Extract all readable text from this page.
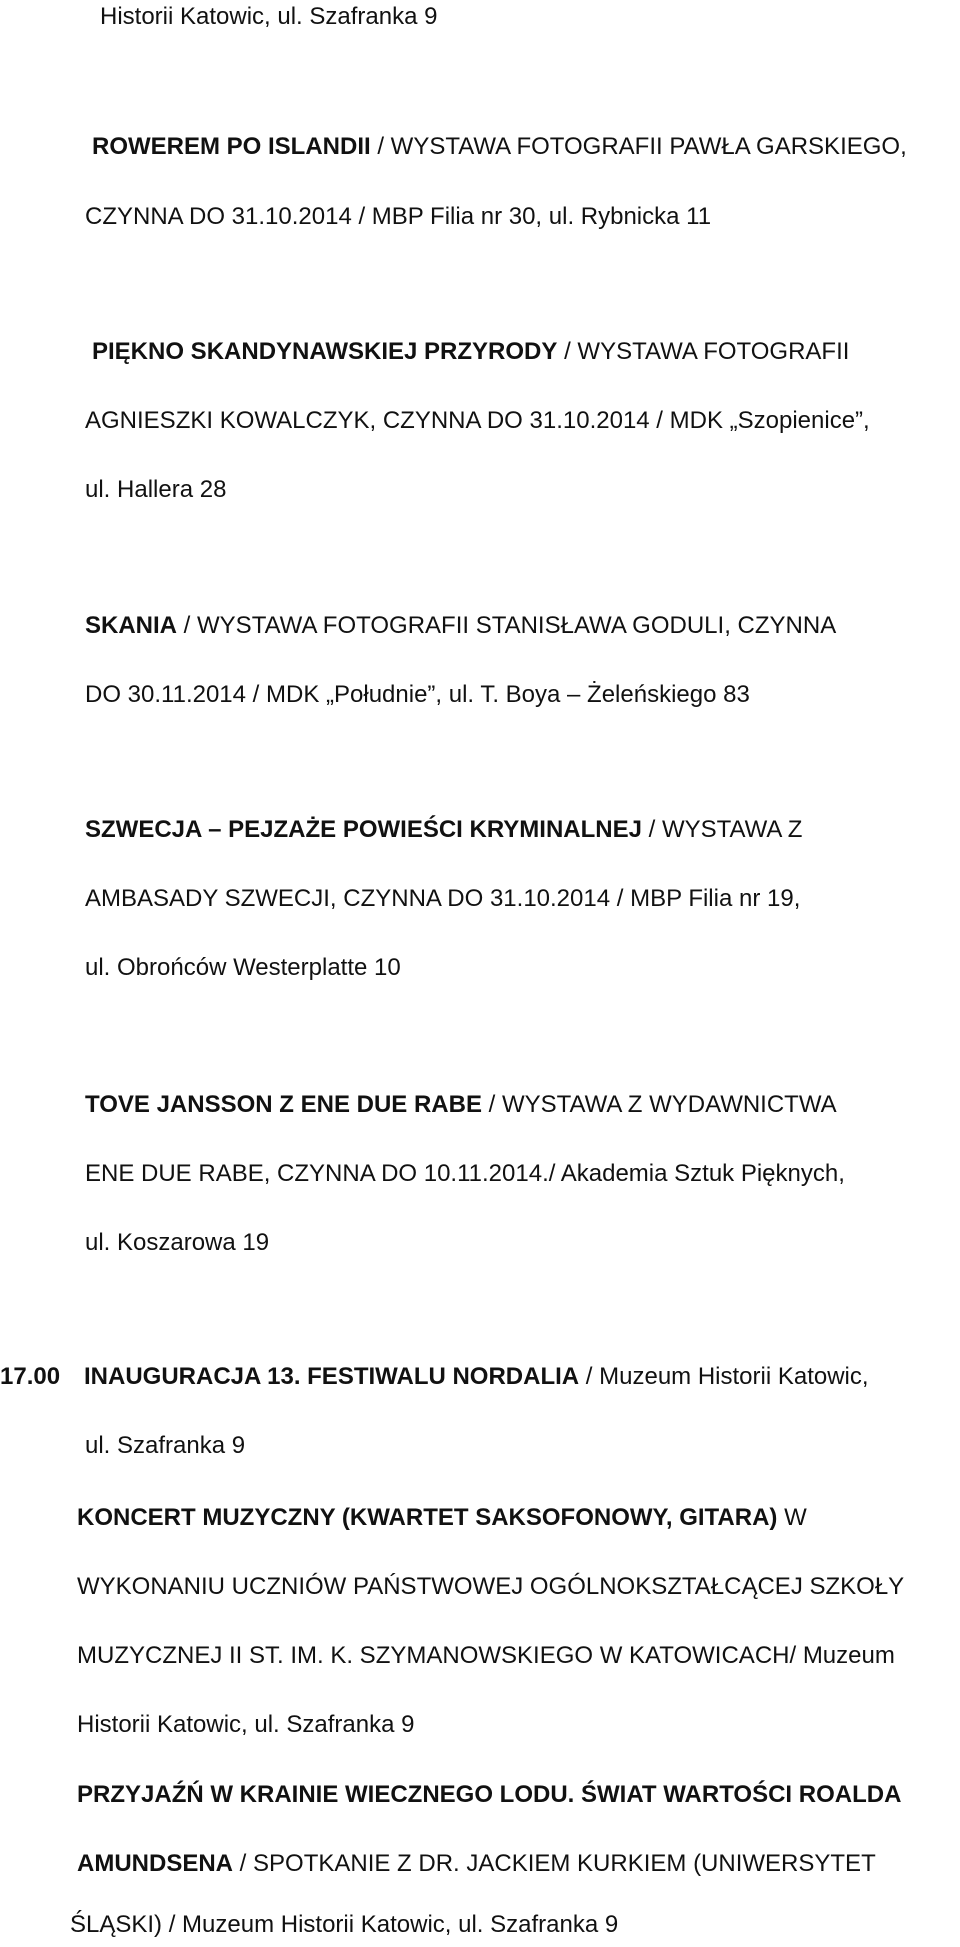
Historii Katowic, ul. Szafranka 9
ROWEREM PO ISLANDII / WYSTAWA FOTOGRAFII PAWŁA GARSKIEGO,
CZYNNA DO 31.10.2014 / MBP Filia nr 30, ul. Rybnicka 11
PIĘKNO SKANDYNAWSKIEJ PRZYRODY / WYSTAWA FOTOGRAFII
AGNIESZKI KOWALCZYK, CZYNNA DO 31.10.2014 / MDK „Szopienice”,
ul. Hallera 28
SKANIA / WYSTAWA FOTOGRAFII STANISŁAWA GODULI, CZYNNA
DO 30.11.2014 / MDK „Południe”, ul. T. Boya – Żeleńskiego 83
SZWECJA – PEJZAŻE POWIEŚCI KRYMINALNEJ / WYSTAWA Z
AMBASADY SZWECJI, CZYNNA DO 31.10.2014 / MBP Filia nr 19,
ul. Obrońców Westerplatte 10
TOVE JANSSON Z ENE DUE RABE / WYSTAWA Z WYDAWNICTWA
ENE DUE RABE, CZYNNA DO 10.11.2014./ Akademia Sztuk Pięknych,
ul. Koszarowa 19
17.00 INAUGURACJA 13. FESTIWALU NORDALIA / Muzeum Historii Katowic,
ul. Szafranka 9
KONCERT MUZYCZNY (KWARTET SAKSOFONOWY, GITARA) W
WYKONANIU UCZNIÓW PAŃSTWOWEJ OGÓLNOKSZTAŁCĄCEJ SZKOŁY
MUZYCZNEJ II ST. IM. K. SZYMANOWSKIEGO W KATOWICACH/ Muzeum
Historii Katowic, ul. Szafranka 9
PRZYJAŹŃ W KRAINIE WIECZNEGO LODU. ŚWIAT WARTOŚCI ROALDA
AMUNDSENA / SPOTKANIE Z DR. JACKIEM KURKIEM (UNIWERSYTET
ŚLĄSKI) / Muzeum Historii Katowic, ul. Szafranka 9
